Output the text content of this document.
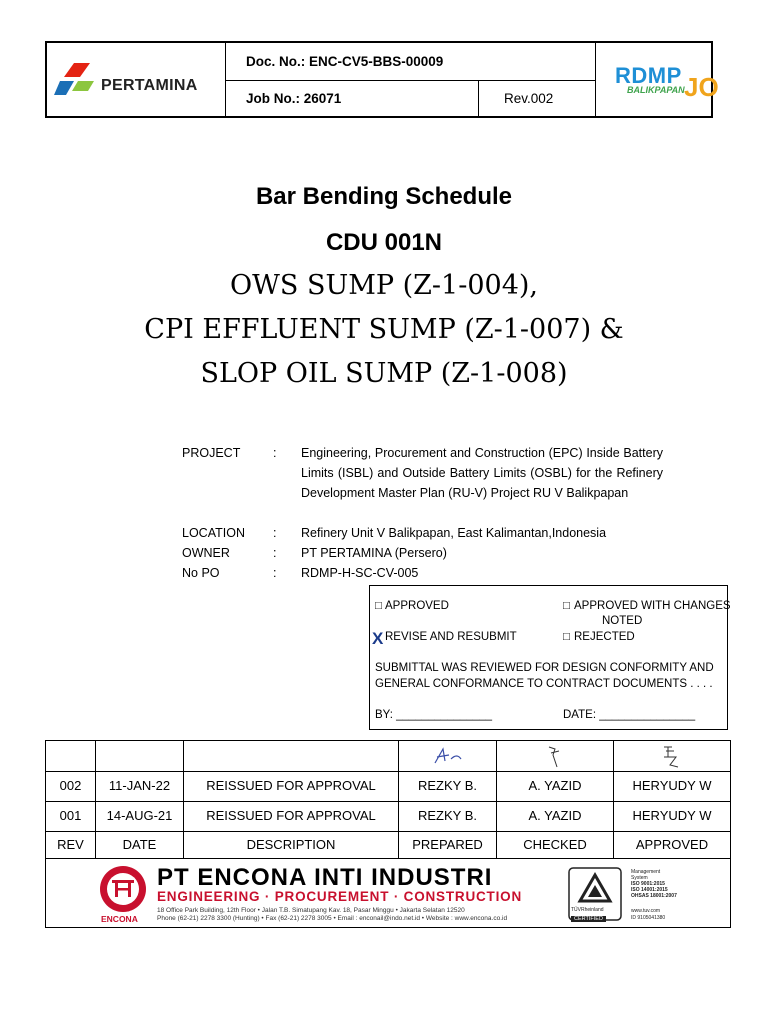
PERTAMINA
Doc. No.: ENC-CV5-BBS-00009
Job No.: 26071	Rev.002
RDMP
BALIKPAPAN JO
Bar Bending Schedule
CDU 001N
OWS SUMP (Z-1-004),
CPI EFFLUENT SUMP (Z-1-007) &
SLOP OIL SUMP (Z-1-008)
PROJECT	: Engineering, Procurement and Construction (EPC) Inside Battery Limits (ISBL) and Outside Battery Limits (OSBL) for the Refinery Development Master Plan (RU-V) Project RU V Balikpapan
LOCATION	: Refinery Unit V Balikpapan, East Kalimantan,Indonesia
OWNER	: PT PERTAMINA (Persero)
No PO	: RDMP-H-SC-CV-005
□ APPROVED	□ APPROVED WITH CHANGES
NOTED
X REVISE AND RESUBMIT	□ REJECTED
SUBMITTAL WAS REVIEWED FOR DESIGN CONFORMITY AND
GENERAL CONFORMANCE TO CONTRACT DOCUMENTS . . . .
BY: _______________	DATE: _______________
002	11-JAN-22	REISSUED FOR APPROVAL	REZKY B.	A. YAZID	HERYUDY W
001	14-AUG-21	REISSUED FOR APPROVAL	REZKY B.	A. YAZID	HERYUDY W
REV	DATE	DESCRIPTION	PREPARED	CHECKED	APPROVED
ENCONA
PT ENCONA INTI INDUSTRI
ENGINEERING · PROCUREMENT · CONSTRUCTION
18 Office Park Building, 12th Floor • Jalan T.B. Simatupang Kav. 18, Pasar Minggu • Jakarta Selatan 12520
Phone (62-21) 2278 3300 (Hunting) • Fax (62-21) 2278 3005 • Email : enconail@indo.net.id • Website : www.encona.co.id
TÜVRheinland
CERTIFIED
Management
System
ISO 9001:2015
ISO 14001:2015
OHSAS 18001:2007
www.tuv.com
ID 9105041380
